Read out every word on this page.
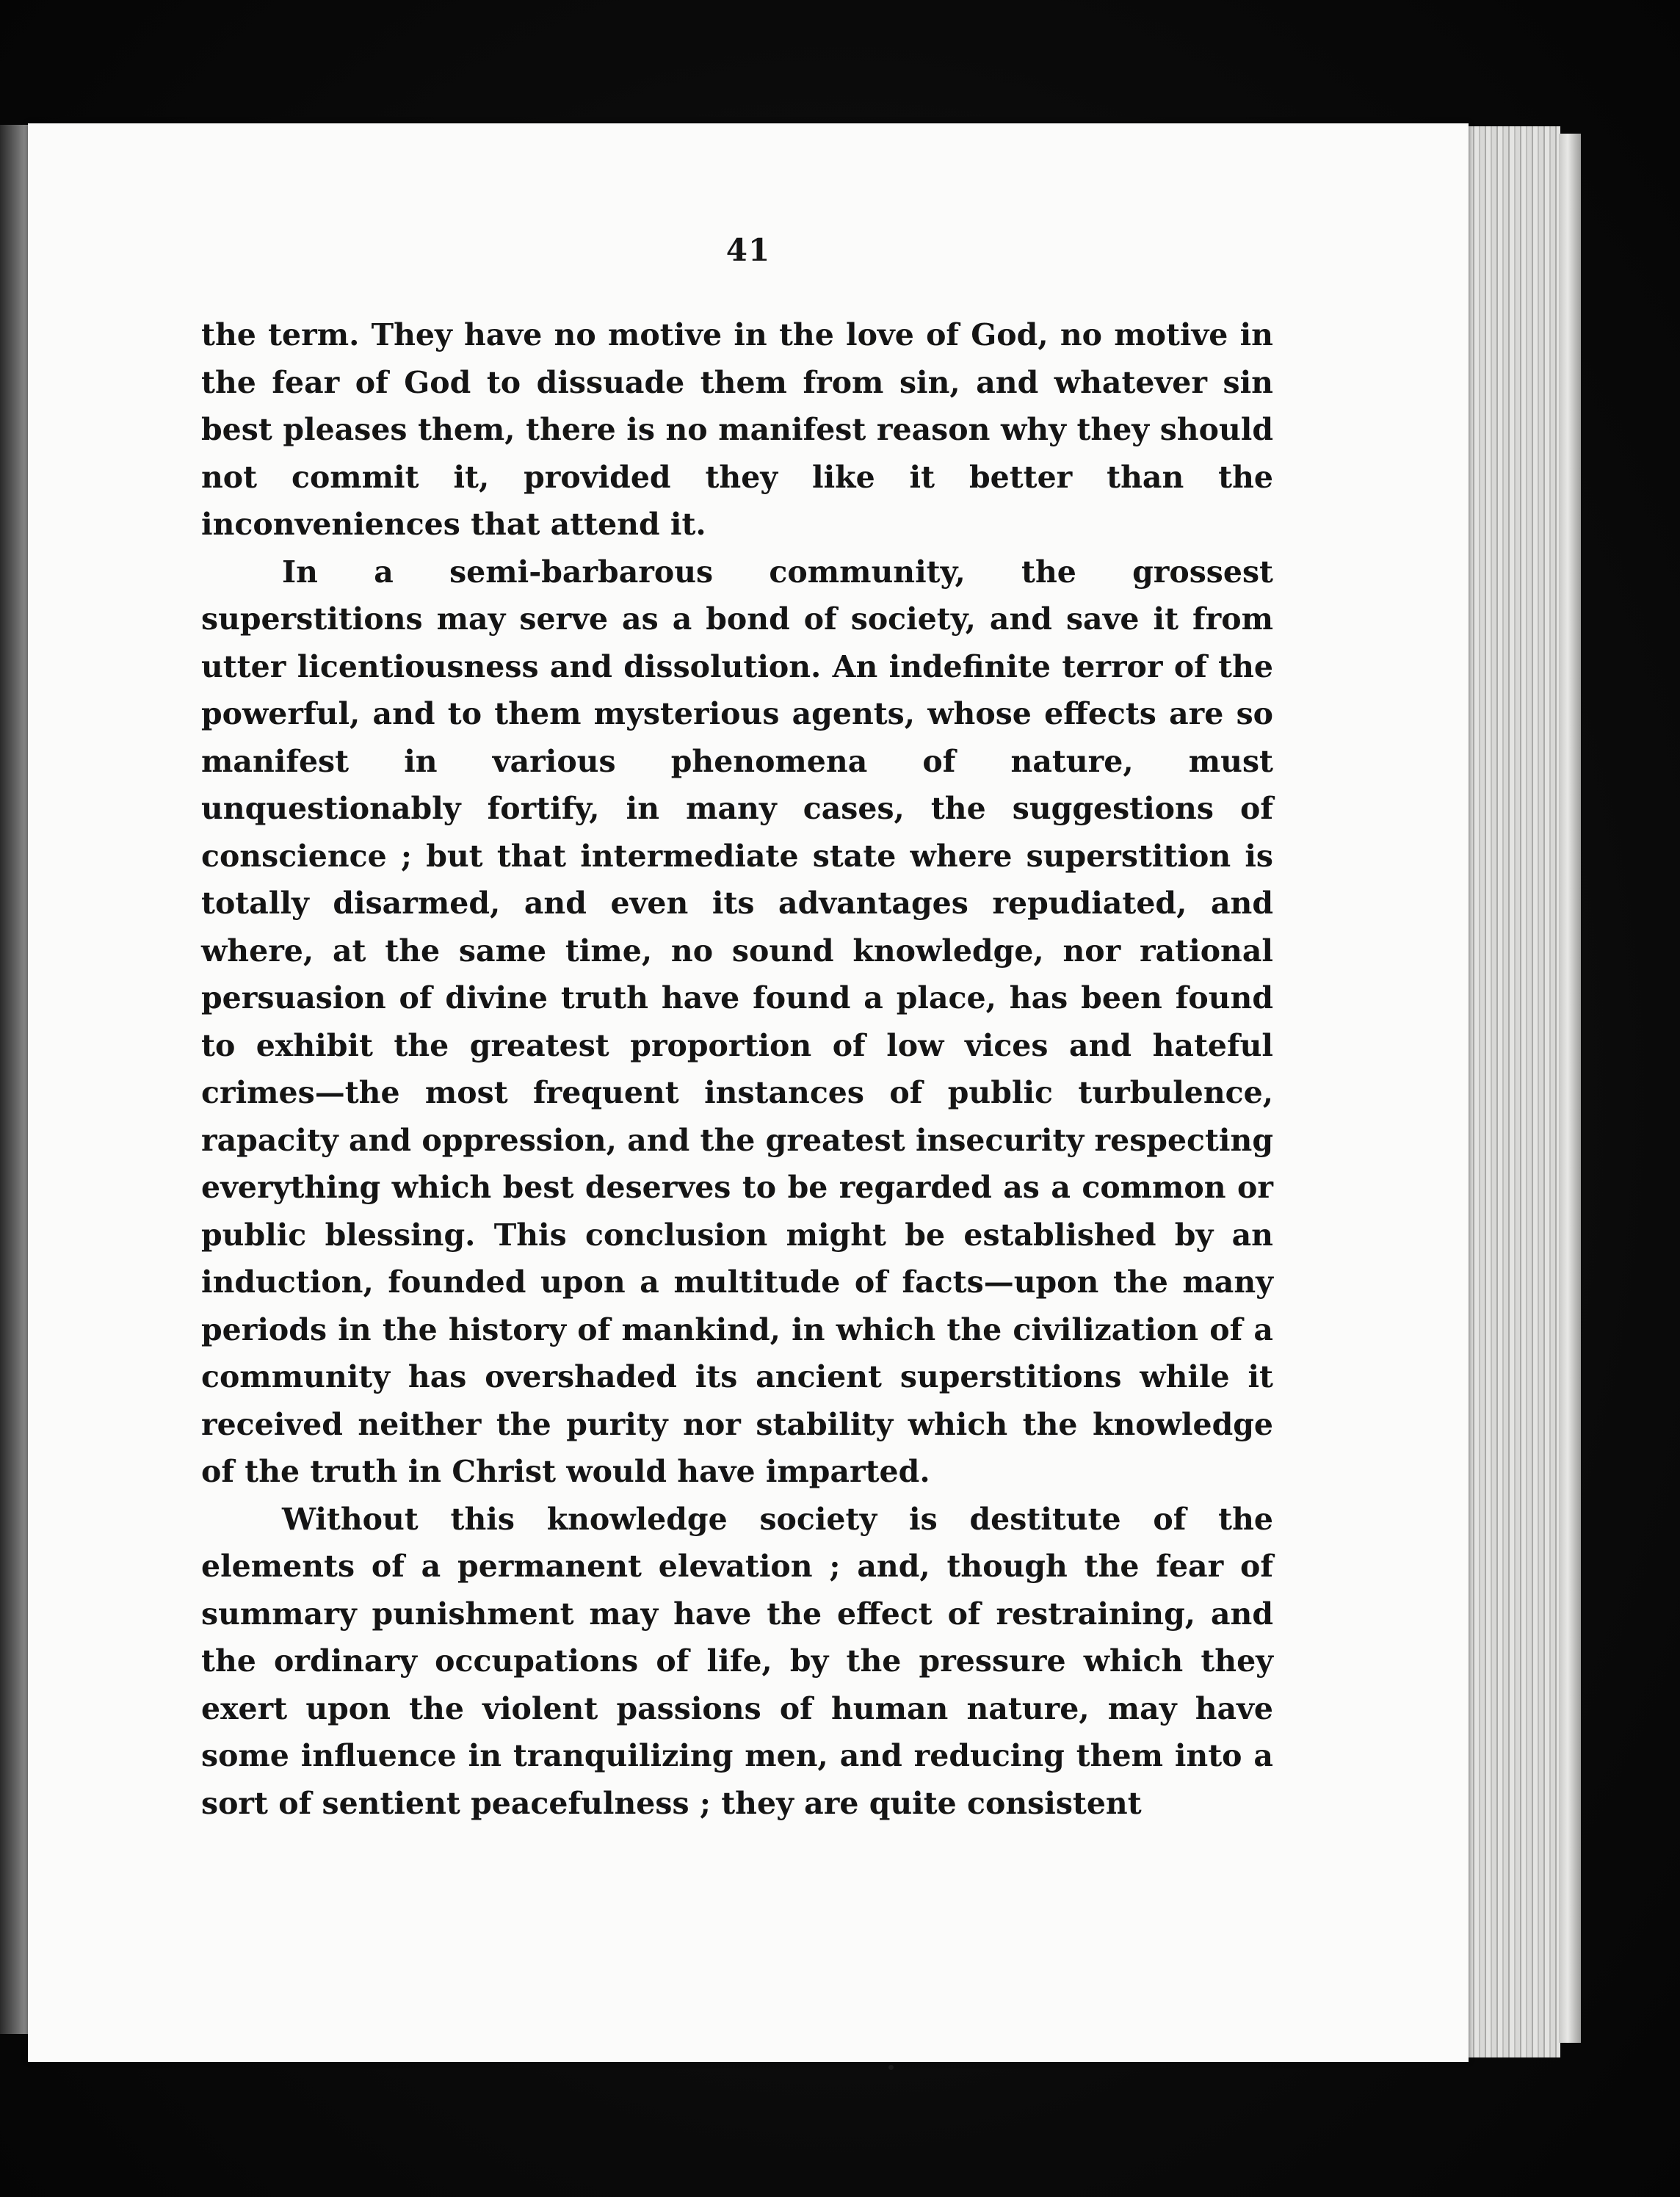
41

the term. They have no motive in the love of God, no motive in the fear of God to dissuade them from sin, and whatever sin best pleases them, there is no manifest reason why they should not commit it, provided they like it better than the inconveniences that attend it.

In a semi-barbarous community, the grossest superstitions may serve as a bond of society, and save it from utter licentiousness and dissolution. An indefinite terror of the powerful, and to them mysterious agents, whose effects are so manifest in various phenomena of nature, must unquestionably fortify, in many cases, the suggestions of conscience ; but that intermediate state where superstition is totally disarmed, and even its advantages repudiated, and where, at the same time, no sound knowledge, nor rational persuasion of divine truth have found a place, has been found to exhibit the greatest proportion of low vices and hateful crimes—the most frequent instances of public turbulence, rapacity and oppression, and the greatest insecurity respecting everything which best deserves to be regarded as a common or public blessing. This conclusion might be established by an induction, founded upon a multitude of facts—upon the many periods in the history of mankind, in which the civilization of a community has overshaded its ancient superstitions while it received neither the purity nor stability which the knowledge of the truth in Christ would have imparted.

Without this knowledge society is destitute of the elements of a permanent elevation ; and, though the fear of summary punishment may have the effect of restraining, and the ordinary occupations of life, by the pressure which they exert upon the violent passions of human nature, may have some influence in tranquilizing men, and reducing them into a sort of sentient peacefulness ; they are quite consistent
